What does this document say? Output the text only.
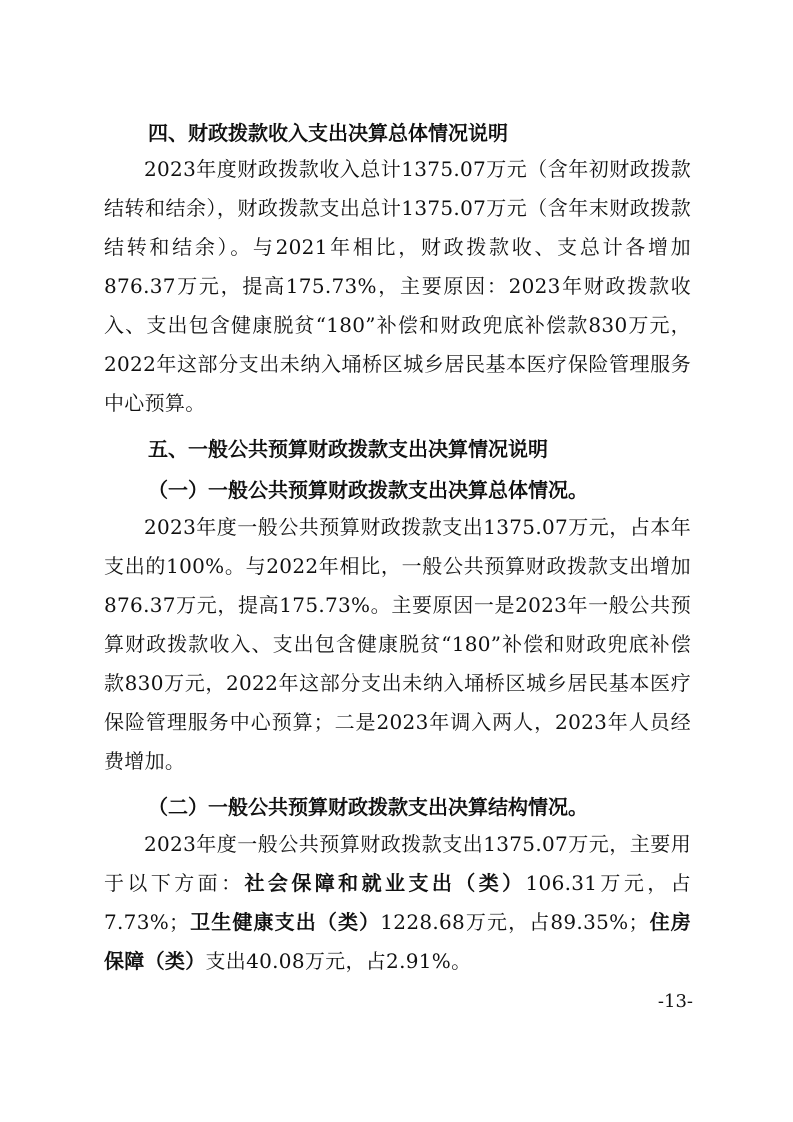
四、财政拨款收入支出决算总体情况说明
2023年度财政拨款收入总计1375.07万元（含年初财政拨款结转和结余），财政拨款支出总计1375.07万元（含年末财政拨款结转和结余）。与2021年相比，财政拨款收、支总计各增加876.37万元，提高175.73%，主要原因：2023年财政拨款收入、支出包含健康脱贫“180”补偿和财政兜底补偿款830万元，2022年这部分支出未纳入埇桥区城乡居民基本医疗保险管理服务中心预算。
五、一般公共预算财政拨款支出决算情况说明
（一）一般公共预算财政拨款支出决算总体情况。
2023年度一般公共预算财政拨款支出1375.07万元，占本年支出的100%。与2022年相比，一般公共预算财政拨款支出增加876.37万元，提高175.73%。主要原因一是2023年一般公共预算财政拨款收入、支出包含健康脱贫“180”补偿和财政兜底补偿款830万元，2022年这部分支出未纳入埇桥区城乡居民基本医疗保险管理服务中心预算；二是2023年调入两人，2023年人员经费增加。
（二）一般公共预算财政拨款支出决算结构情况。
2023年度一般公共预算财政拨款支出1375.07万元，主要用于以下方面：社会保障和就业支出（类）106.31万元，占7.73%；卫生健康支出（类）1228.68万元，占89.35%；住房保障（类）支出40.08万元，占2.91%。
-13-
